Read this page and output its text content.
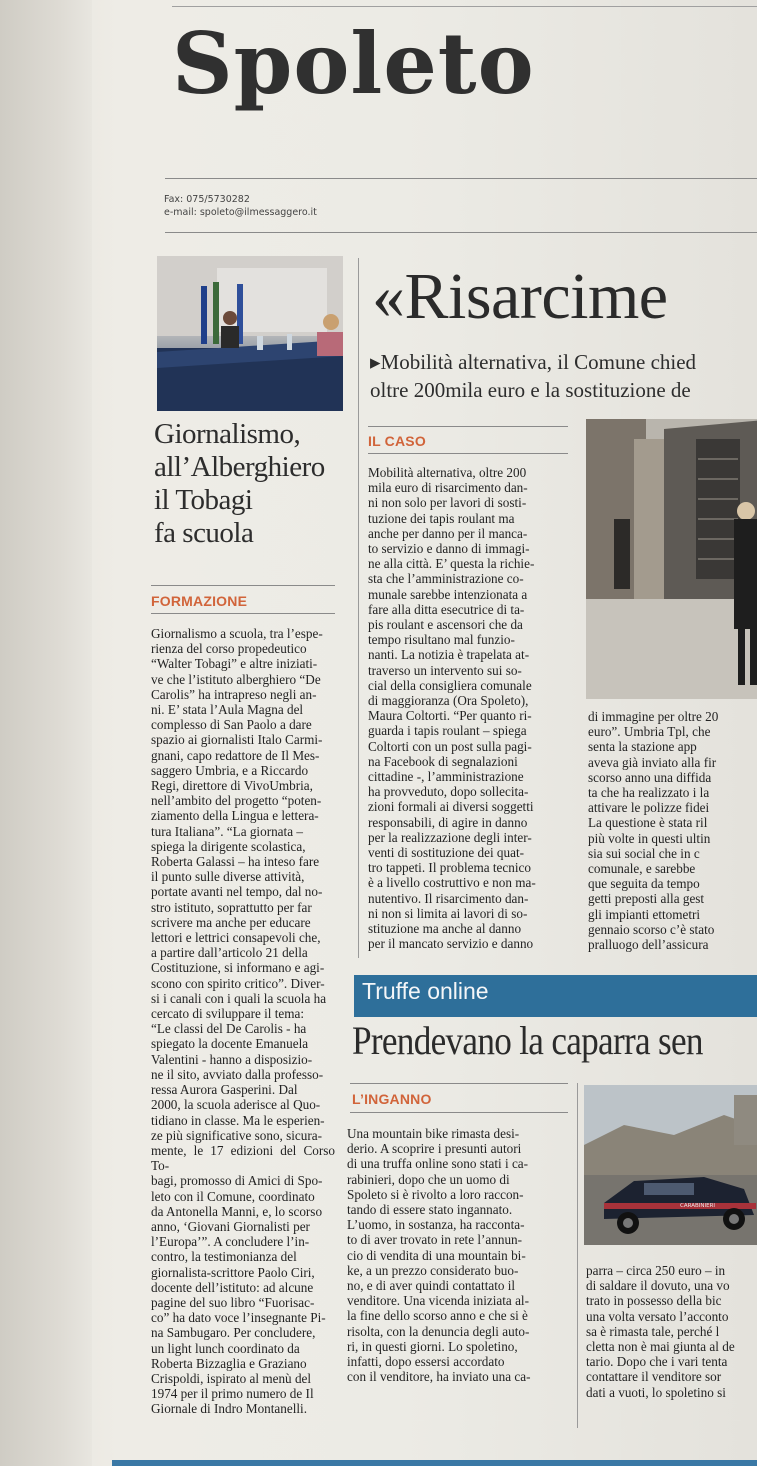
Spoleto
Fax: 075/5730282
e-mail: spoleto@ilmessaggero.it
Giornalismo,
all’Alberghiero
il Tobagi
fa scuola
FORMAZIONE
Giornalismo a scuola, tra l’espe-
rienza del corso propedeutico
“Walter Tobagi” e altre iniziati-
ve che l’istituto alberghiero “De
Carolis” ha intrapreso negli an-
ni. E’ stata l’Aula Magna del
complesso di San Paolo a dare
spazio ai giornalisti Italo Carmi-
gnani, capo redattore de Il Mes-
saggero Umbria, e a Riccardo
Regi, direttore di VivoUmbria,
nell’ambito del progetto “poten-
ziamento della Lingua e lettera-
tura Italiana”. “La giornata –
spiega la dirigente scolastica,
Roberta Galassi – ha inteso fare
il punto sulle diverse attività,
portate avanti nel tempo, dal no-
stro istituto, soprattutto per far
scrivere ma anche per educare
lettori e lettrici consapevoli che,
a partire dall’articolo 21 della
Costituzione, si informano e agi-
scono con spirito critico”. Diver-
si i canali con i quali la scuola ha
cercato di sviluppare il tema:
“Le classi del De Carolis - ha
spiegato la docente Emanuela
Valentini - hanno a disposizio-
ne il sito, avviato dalla professo-
ressa Aurora Gasperini. Dal
2000, la scuola aderisce al Quo-
tidiano in classe. Ma le esperien-
ze più significative sono, sicura-
mente, le 17 edizioni del Corso To-
bagi, promosso di Amici di Spo-
leto con il Comune, coordinato
da Antonella Manni, e, lo scorso
anno, ‘Giovani Giornalisti per
l’Europa’”. A concludere l’in-
contro, la testimonianza del
giornalista-scrittore Paolo Ciri,
docente dell’istituto: ad alcune
pagine del suo libro “Fuorisac-
co” ha dato voce l’insegnante Pi-
na Sambugaro. Per concludere,
un light lunch coordinato da
Roberta Bizzaglia e Graziano
Crispoldi, ispirato al menù del
1974 per il primo numero de Il
Giornale di Indro Montanelli.
«Risarcime
▸Mobilità alternativa, il Comune chied
oltre 200mila euro e la sostituzione de
IL CASO
Mobilità alternativa, oltre 200
mila euro di risarcimento dan-
ni non solo per lavori di sosti-
tuzione dei tapis roulant ma
anche per danno per il manca-
to servizio e danno di immagi-
ne alla città. E’ questa la richie-
sta che l’amministrazione co-
munale sarebbe intenzionata a
fare alla ditta esecutrice di ta-
pis roulant e ascensori che da
tempo risultano mal funzio-
nanti. La notizia è trapelata at-
traverso un intervento sui so-
cial della consigliera comunale
di maggioranza (Ora Spoleto),
Maura Coltorti. “Per quanto ri-
guarda i tapis roulant – spiega
Coltorti con un post sulla pagi-
na Facebook di segnalazioni
cittadine -, l’amministrazione
ha provveduto, dopo sollecita-
zioni formali ai diversi soggetti
responsabili, di agire in danno
per la realizzazione degli inter-
venti di sostituzione dei quat-
tro tappeti. Il problema tecnico
è a livello costruttivo e non ma-
nutentivo. Il risarcimento dan-
ni non si limita ai lavori di so-
stituzione ma anche al danno
per il mancato servizio e danno
di immagine per oltre 20
euro”. Umbria Tpl, che
senta la stazione app
aveva già inviato alla fir
scorso anno una diffida
ta che ha realizzato i la
attivare le polizze fidei
La questione è stata ril
più volte in questi ultin
sia sui social che in c
comunale, e sarebbe
que seguita da tempo
getti preposti alla gest
gli impianti ettometri
gennaio scorso c’è stato
pralluogo dell’assicura
Truffe online
Prendevano la caparra sen
L’INGANNO
Una mountain bike rimasta desi-
derio. A scoprire i presunti autori
di una truffa online sono stati i ca-
rabinieri, dopo che un uomo di
Spoleto si è rivolto a loro raccon-
tando di essere stato ingannato.
L’uomo, in sostanza, ha racconta-
to di aver trovato in rete l’annun-
cio di vendita di una mountain bi-
ke, a un prezzo considerato buo-
no, e di aver quindi contattato il
venditore. Una vicenda iniziata al-
la fine dello scorso anno e che si è
risolta, con la denuncia degli auto-
ri, in questi giorni. Lo spoletino,
infatti, dopo essersi accordato
con il venditore, ha inviato una ca-
CARABINIERI
parra – circa 250 euro – in
di saldare il dovuto, una vo
trato in possesso della bic
una volta versato l’acconto
sa è rimasta tale, perché l
cletta non è mai giunta al de
tario. Dopo che i vari tenta
contattare il venditore sor
dati a vuoti, lo spoletino si
